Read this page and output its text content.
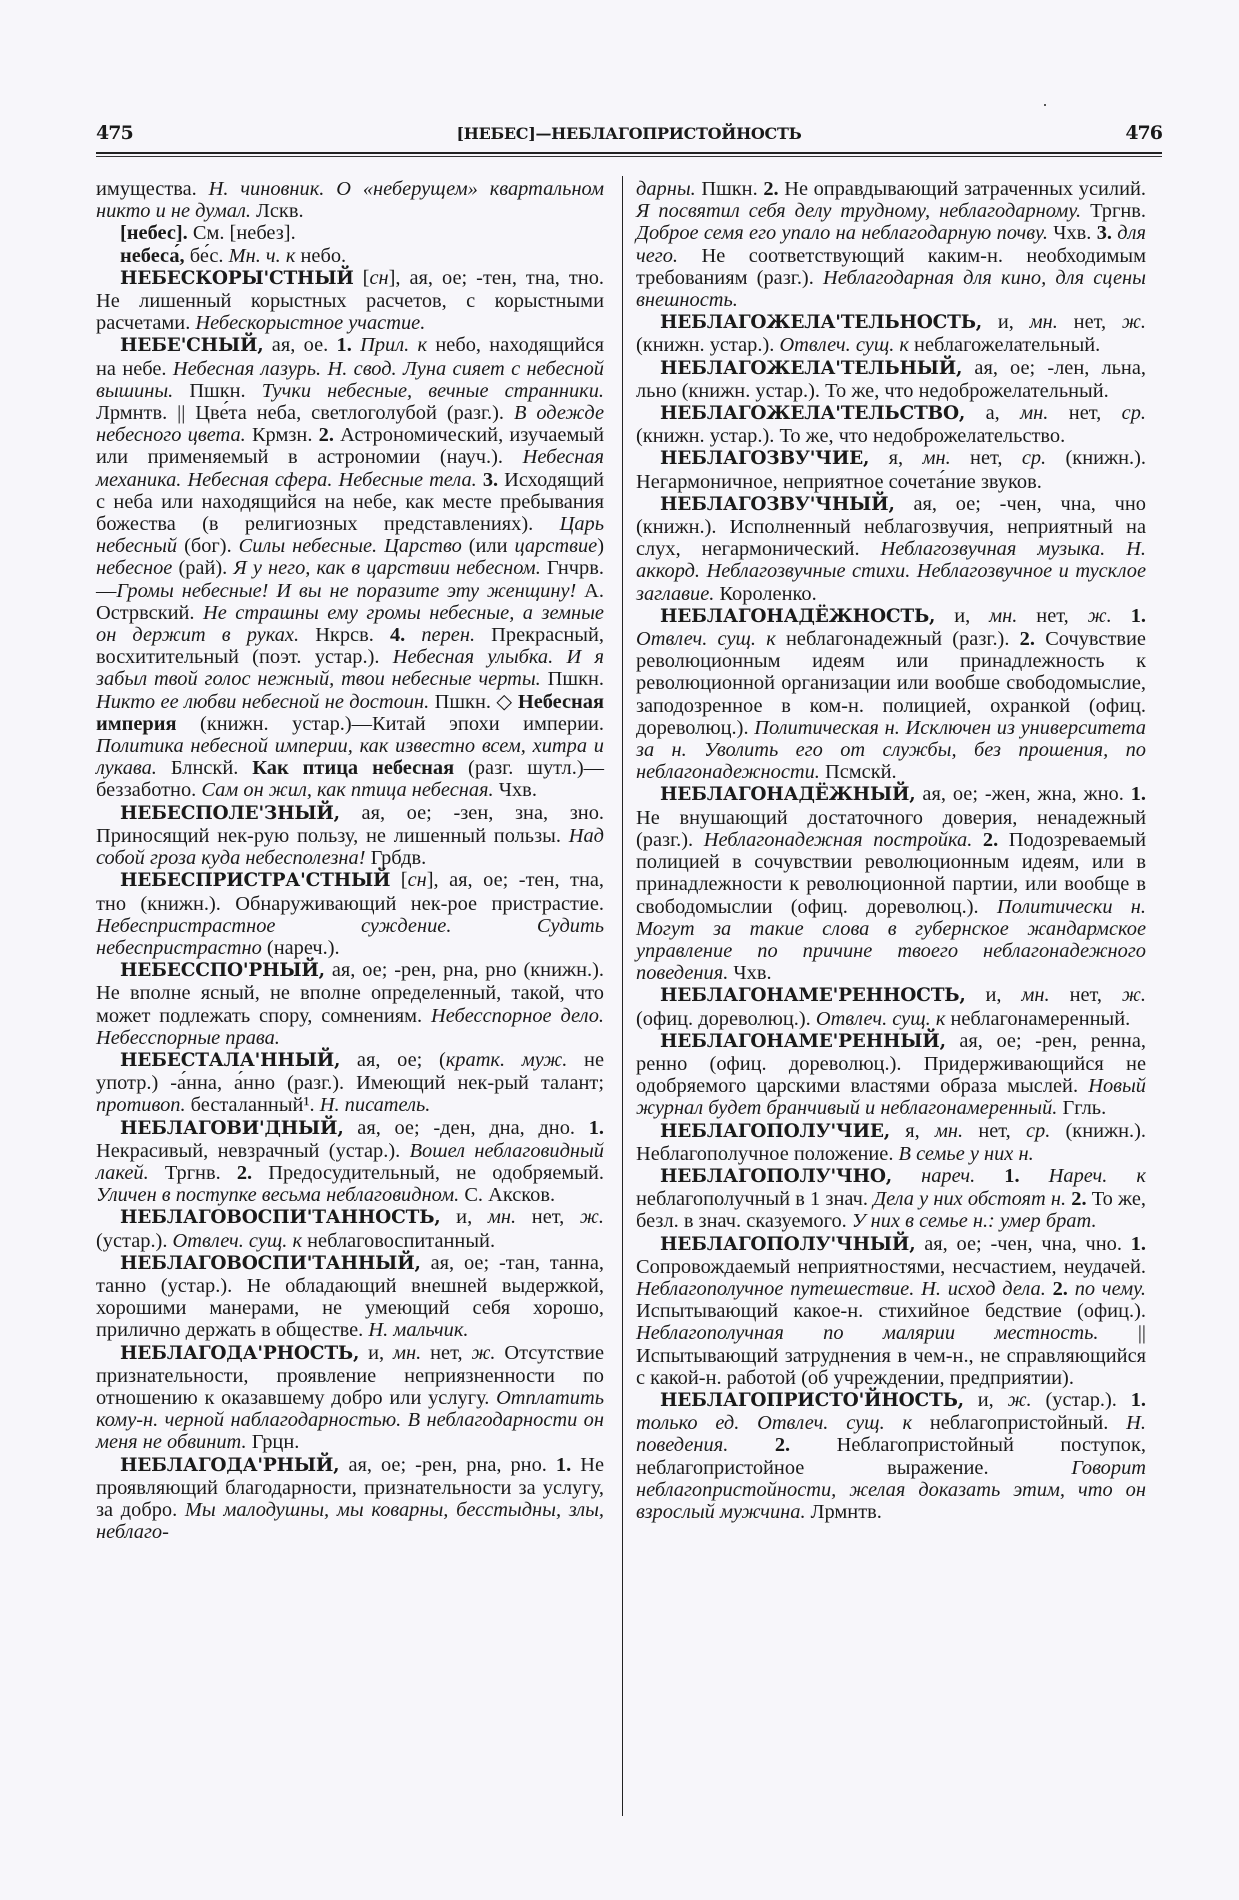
475	[НЕБЕС]—НЕБЛАГОПРИСТОЙНОСТЬ	476

имущества. Н. чиновник. О «неберущем» квартальном никто и не думал. Лскв.

[небес]. См. [небез].

небеса́, бе́с. Мн. ч. к небо.

НЕБЕСКОРЫ'СТНЫЙ [сн], ая, ое; -тен, тна, тно. Не лишенный корыстных расчетов, с корыстными расчетами. Небескорыстное участие.

НЕБЕ'СНЫЙ, ая, ое. 1. Прил. к небо, находящийся на небе. Небесная лазурь. Н. свод. Луна сияет с небесной вышины. Пшкн. Тучки небесные, вечные странники. Лрмнтв. || Цве́та неба, светлоголубой (разг.). В одежде небесного цвета. Крмзн. 2. Астрономический, изучаемый или применяемый в астрономии (науч.). Небесная механика. Небесная сфера. Небесные тела. 3. Исходящий с неба или находящийся на небе, как месте пребывания божества (в религиозных представлениях). Царь небесный (бог). Силы небесные. Царство (или царствие) небесное (рай). Я у него, как в царствии небесном. Гнчрв.—Громы небесные! И вы не поразите эту женщину! А. Острвский. Не страшны ему громы небесные, а земные он держит в руках. Нкрсв. 4. перен. Прекрасный, восхитительный (поэт. устар.). Небесная улыбка. И я забыл твой голос нежный, твои небесные черты. Пшкн. Никто ее любви небесной не достоин. Пшкн. ◇ Небесная империя (книжн. устар.)—Китай эпохи империи. Политика небесной империи, как известно всем, хитра и лукава. Блнскй. Как птица небесная (разг. шутл.)—беззаботно. Сам он жил, как птица небесная. Чхв.

НЕБЕСПОЛЕ'ЗНЫЙ, ая, ое; -зен, зна, зно. Приносящий нек-рую пользу, не лишенный пользы. Над собой гроза куда небесполезна! Грбдв.

НЕБЕСПРИСТРА'СТНЫЙ [сн], ая, ое; -тен, тна, тно (книжн.). Обнаруживающий нек-рое пристрастие. Небеспристрастное суждение. Судить небеспристрастно (нареч.).

НЕБЕССПО'РНЫЙ, ая, ое; -рен, рна, рно (книжн.). Не вполне ясный, не вполне определенный, такой, что может подлежать спору, сомнениям. Небесспорное дело. Небесспорные права.

НЕБЕСТАЛА'ННЫЙ, ая, ое; (кратк. муж. не употр.) -а́нна, а́нно (разг.). Имеющий нек-рый талант; противоп. бесталанный¹. Н. писатель.

НЕБЛАГОВИ'ДНЫЙ, ая, ое; -ден, дна, дно. 1. Некрасивый, невзрачный (устар.). Вошел неблаговидный лакей. Тргнв. 2. Предосудительный, не одобряемый. Уличен в поступке весьма неблаговидном. С. Аксков.

НЕБЛАГОВОСПИ'ТАННОСТЬ, и, мн. нет, ж. (устар.). Отвлеч. сущ. к неблаговоспитанный.

НЕБЛАГОВОСПИ'ТАННЫЙ, ая, ое; -тан, танна, танно (устар.). Не обладающий внешней выдержкой, хорошими манерами, не умеющий себя хорошо, прилично держать в обществе. Н. мальчик.

НЕБЛАГОДА'РНОСТЬ, и, мн. нет, ж. Отсутствие признательности, проявление неприязненности по отношению к оказавшему добро или услугу. Отплатить кому-н. черной наблагодарностью. В неблагодарности он меня не обвинит. Грцн.

НЕБЛАГОДА'РНЫЙ, ая, ое; -рен, рна, рно. 1. Не проявляющий благодарности, признательности за услугу, за добро. Мы малодушны, мы коварны, бесстыдны, злы, неблаго-

дарны. Пшкн. 2. Не оправдывающий затраченных усилий. Я посвятил себя делу трудному, неблагодарному. Тргнв. Доброе семя его упало на неблагодарную почву. Чхв. 3. для чего. Не соответствующий каким-н. необходимым требованиям (разг.). Неблагодарная для кино, для сцены внешность.

НЕБЛАГОЖЕЛА'ТЕЛЬНОСТЬ, и, мн. нет, ж. (книжн. устар.). Отвлеч. сущ. к неблагожелательный.

НЕБЛАГОЖЕЛА'ТЕЛЬНЫЙ, ая, ое; -лен, льна, льно (книжн. устар.). То же, что недоброжелательный.

НЕБЛАГОЖЕЛА'ТЕЛЬСТВО, а, мн. нет, ср. (книжн. устар.). То же, что недоброжелательство.

НЕБЛАГОЗВУ'ЧИЕ, я, мн. нет, ср. (книжн.). Негармоничное, неприятное сочета́ние звуков.

НЕБЛАГОЗВУ'ЧНЫЙ, ая, ое; -чен, чна, чно (книжн.). Исполненный неблагозвучия, неприятный на слух, негармонический. Неблагозвучная музыка. Н. аккорд. Неблагозвучные стихи. Неблагозвучное и тусклое заглавие. Короленко.

НЕБЛАГОНАДЁЖНОСТЬ, и, мн. нет, ж. 1. Отвлеч. сущ. к неблагонадежный (разг.). 2. Сочувствие революционным идеям или принадлежность к революционной организации или вообше свободомыслие, заподозренное в ком-н. полицией, охранкой (офиц. дореволюц.). Политическая н. Исключен из университета за н. Уволить его от службы, без прошения, по неблагонадежности. Псмскй.

НЕБЛАГОНАДЁЖНЫЙ, ая, ое; -жен, жна, жно. 1. Не внушающий достаточного доверия, ненадежный (разг.). Неблагонадежная постройка. 2. Подозреваемый полицией в сочувствии революционным идеям, или в принадлежности к революционной партии, или вообще в свободомыслии (офиц. дореволюц.). Политически н. Могут за такие слова в губернское жандармское управление по причине твоего неблагонадежного поведения. Чхв.

НЕБЛАГОНАМЕ'РЕННОСТЬ, и, мн. нет, ж. (офиц. дореволюц.). Отвлеч. сущ. к неблагонамеренный.

НЕБЛАГОНАМЕ'РЕННЫЙ, ая, ое; -рен, ренна, ренно (офиц. дореволюц.). Придерживающийся не одобряемого царскими властями образа мыслей. Новый журнал будет бранчивый и неблагонамеренный. Ггль.

НЕБЛАГОПОЛУ'ЧИЕ, я, мн. нет, ср. (книжн.). Неблагополучное положение. В семье у них н.

НЕБЛАГОПОЛУ'ЧНО, нареч. 1. Нареч. к неблагополучный в 1 знач. Дела у них обстоят н. 2. То же, безл. в знач. сказуемого. У них в семье н.: умер брат.

НЕБЛАГОПОЛУ'ЧНЫЙ, ая, ое; -чен, чна, чно. 1. Сопровождаемый неприятностями, несчастием, неудачей. Неблагополучное путешествие. Н. исход дела. 2. по чему. Испытывающий какое-н. стихийное бедствие (офиц.). Неблагополучная по малярии местность. || Испытывающий затруднения в чем-н., не справляющийся с какой-н. работой (об учреждении, предприятии).

НЕБЛАГОПРИСТО'ЙНОСТЬ, и, ж. (устар.). 1. только ед. Отвлеч. сущ. к неблагопристойный. Н. поведения. 2. Неблагопристойный поступок, неблагопристойное выражение. Говорит неблагопристойности, желая доказать этим, что он взрослый мужчина. Лрмнтв.
